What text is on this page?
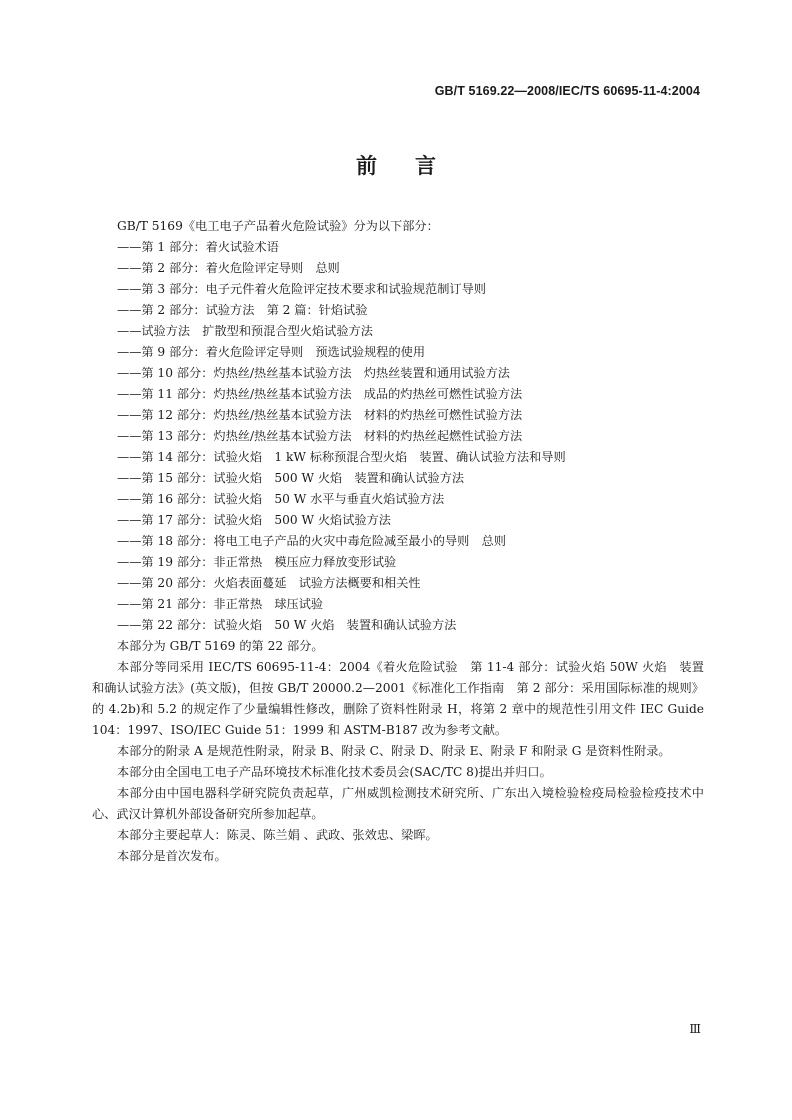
GB/T 5169.22—2008/IEC/TS 60695-11-4:2004
前言
GB/T 5169《电工电子产品着火危险试验》分为以下部分：
——第 1 部分：着火试验术语
——第 2 部分：着火危险评定导则　总则
——第 3 部分：电子元件着火危险评定技术要求和试验规范制订导则
——第 2 部分：试验方法　第 2 篇：针焰试验
——试验方法　扩散型和预混合型火焰试验方法
——第 9 部分：着火危险评定导则　预选试验规程的使用
——第 10 部分：灼热丝/热丝基本试验方法　灼热丝装置和通用试验方法
——第 11 部分：灼热丝/热丝基本试验方法　成品的灼热丝可燃性试验方法
——第 12 部分：灼热丝/热丝基本试验方法　材料的灼热丝可燃性试验方法
——第 13 部分：灼热丝/热丝基本试验方法　材料的灼热丝起燃性试验方法
——第 14 部分：试验火焰　1 kW 标称预混合型火焰　装置、确认试验方法和导则
——第 15 部分：试验火焰　500 W 火焰　装置和确认试验方法
——第 16 部分：试验火焰　50 W 水平与垂直火焰试验方法
——第 17 部分：试验火焰　500 W 火焰试验方法
——第 18 部分：将电工电子产品的火灾中毒危险减至最小的导则　总则
——第 19 部分：非正常热　模压应力释放变形试验
——第 20 部分：火焰表面蔓延　试验方法概要和相关性
——第 21 部分：非正常热　球压试验
——第 22 部分：试验火焰　50 W 火焰　装置和确认试验方法
本部分为 GB/T 5169 的第 22 部分。
本部分等同采用 IEC/TS 60695-11-4：2004《着火危险试验　第 11-4 部分：试验火焰 50W 火焰　装置和确认试验方法》(英文版)，但按 GB/T 20000.2—2001《标准化工作指南　第 2 部分：采用国际标准的规则》的 4.2b)和 5.2 的规定作了少量编辑性修改，删除了资料性附录 H，将第 2 章中的规范性引用文件 IEC Guide 104：1997、ISO/IEC Guide 51：1999 和 ASTM-B187 改为参考文献。
本部分的附录 A 是规范性附录，附录 B、附录 C、附录 D、附录 E、附录 F 和附录 G 是资料性附录。
本部分由全国电工电子产品环境技术标准化技术委员会(SAC/TC 8)提出并归口。
本部分由中国电器科学研究院负责起草，广州威凯检测技术研究所、广东出入境检验检疫局检验检疫技术中心、武汉计算机外部设备研究所参加起草。
本部分主要起草人：陈灵、陈兰娟 、武政、张效忠、梁晖。
本部分是首次发布。
Ⅲ
